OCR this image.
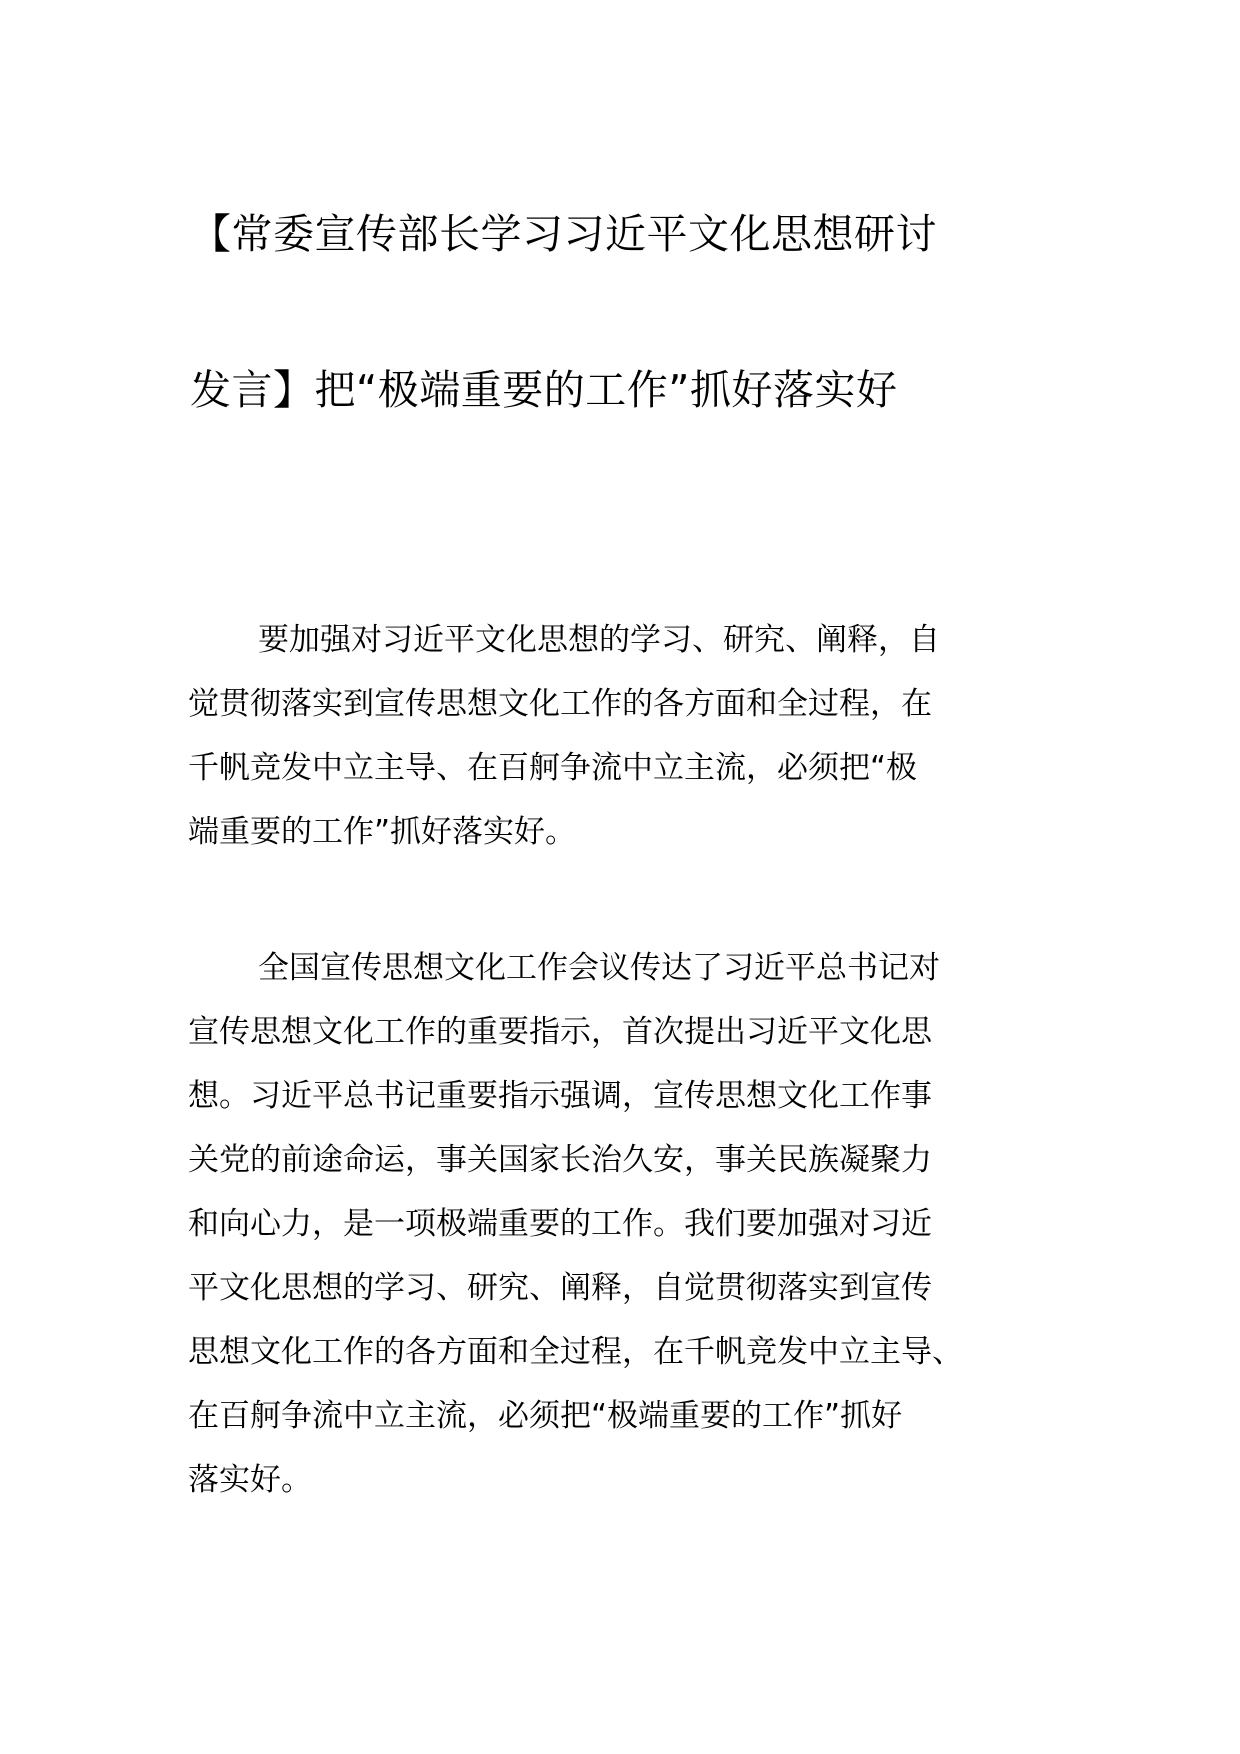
【常委宣传部长学习习近平文化思想研讨
发言】把“极端重要的工作”抓好落实好
要加强对习近平文化思想的学习、研究、阐释，自
觉贯彻落实到宣传思想文化工作的各方面和全过程，在
千帆竞发中立主导、在百舸争流中立主流，必须把“极
端重要的工作”抓好落实好。
全国宣传思想文化工作会议传达了习近平总书记对
宣传思想文化工作的重要指示，首次提出习近平文化思
想。习近平总书记重要指示强调，宣传思想文化工作事
关党的前途命运，事关国家长治久安，事关民族凝聚力
和向心力，是一项极端重要的工作。我们要加强对习近
平文化思想的学习、研究、阐释，自觉贯彻落实到宣传
思想文化工作的各方面和全过程，在千帆竞发中立主导、
在百舸争流中立主流，必须把“极端重要的工作”抓好
落实好。
